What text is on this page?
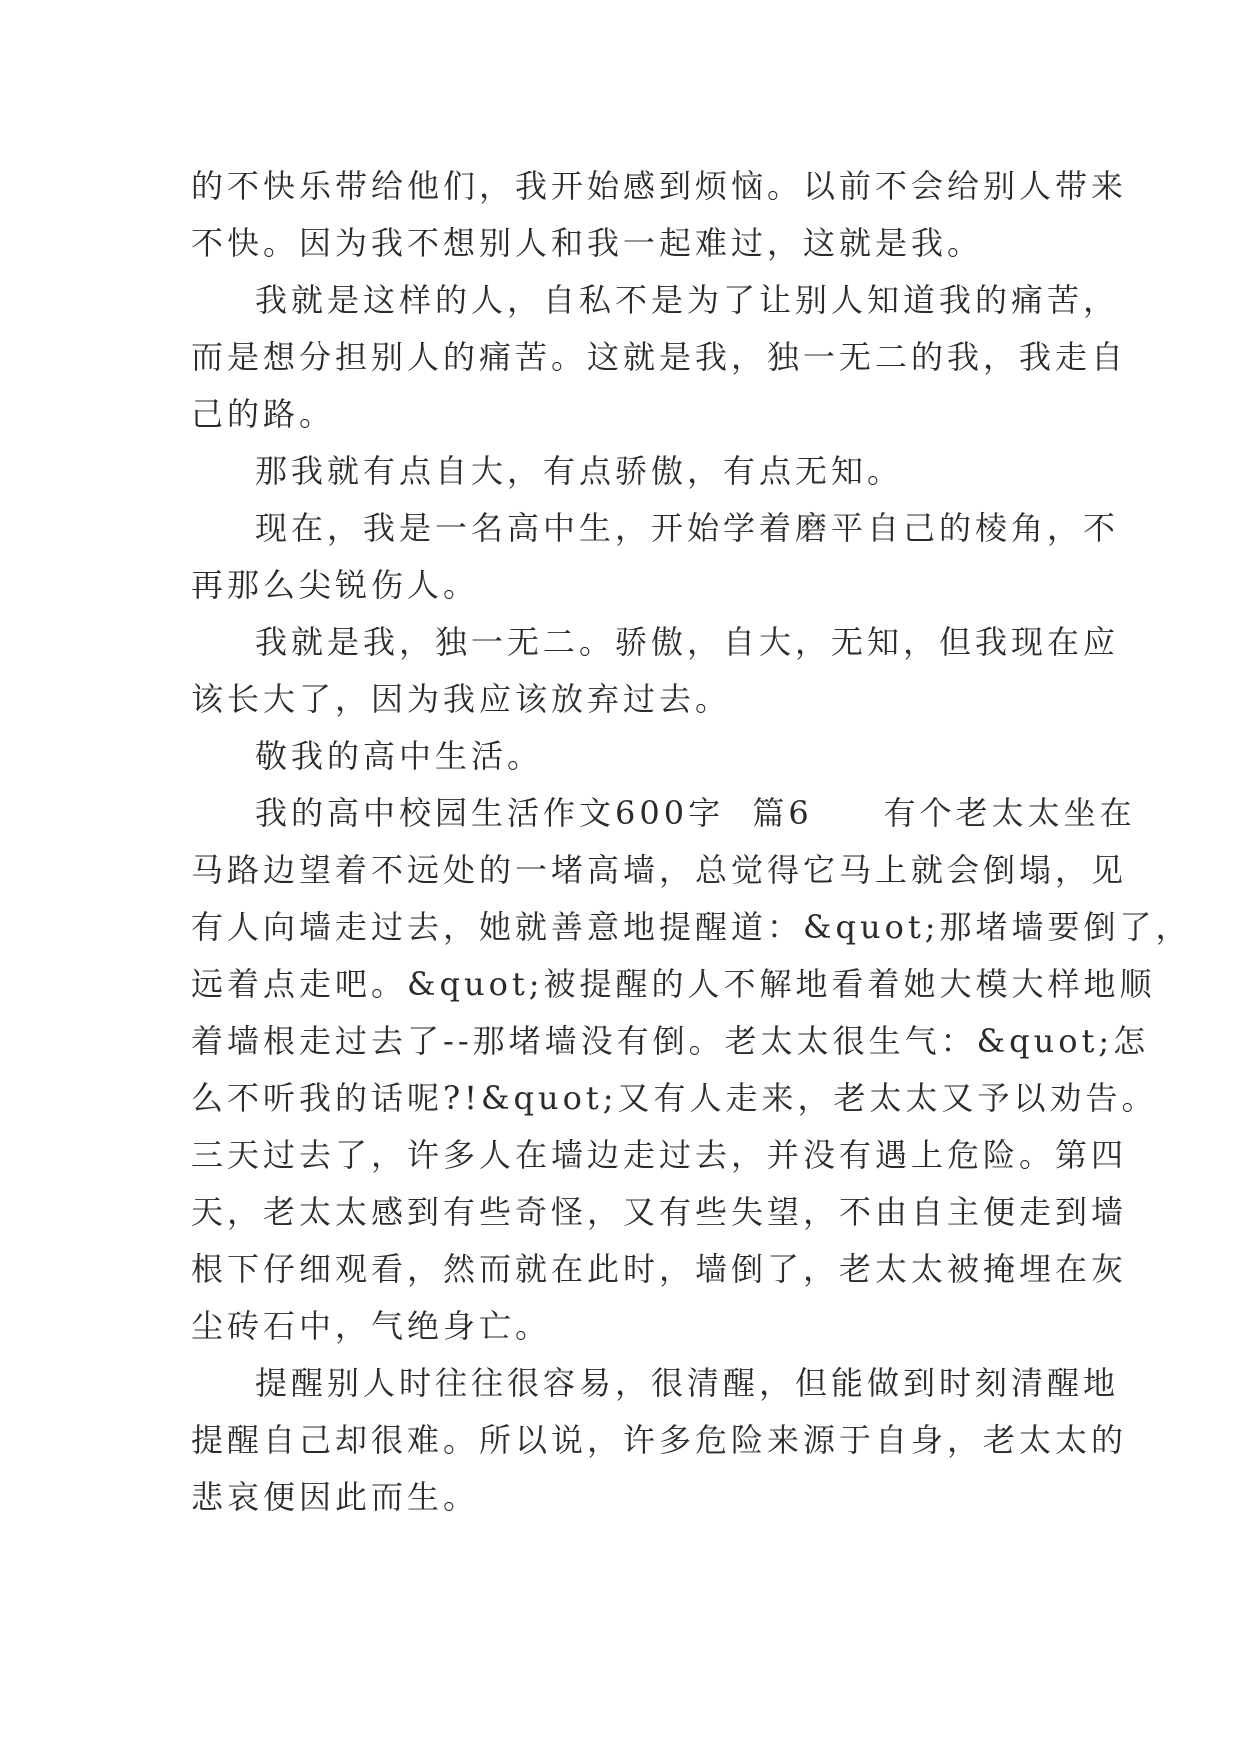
的不快乐带给他们，我开始感到烦恼。以前不会给别人带来

不快。因为我不想别人和我一起难过，这就是我。

我就是这样的人，自私不是为了让别人知道我的痛苦，

而是想分担别人的痛苦。这就是我，独一无二的我，我走自

己的路。

那我就有点自大，有点骄傲，有点无知。

现在，我是一名高中生，开始学着磨平自己的棱角，不

再那么尖锐伤人。

我就是我，独一无二。骄傲，自大，无知，但我现在应

该长大了，因为我应该放弃过去。

敬我的高中生活。

我的高中校园生活作文600字  篇6     有个老太太坐在

马路边望着不远处的一堵高墙，总觉得它马上就会倒塌，见

有人向墙走过去，她就善意地提醒道：&quot;那堵墙要倒了，

远着点走吧。&quot;被提醒的人不解地看着她大模大样地顺

着墙根走过去了--那堵墙没有倒。老太太很生气：&quot;怎

么不听我的话呢?!&quot;又有人走来，老太太又予以劝告。

三天过去了，许多人在墙边走过去，并没有遇上危险。第四

天，老太太感到有些奇怪，又有些失望，不由自主便走到墙

根下仔细观看，然而就在此时，墙倒了，老太太被掩埋在灰

尘砖石中，气绝身亡。

提醒别人时往往很容易，很清醒，但能做到时刻清醒地

提醒自己却很难。所以说，许多危险来源于自身，老太太的

悲哀便因此而生。
